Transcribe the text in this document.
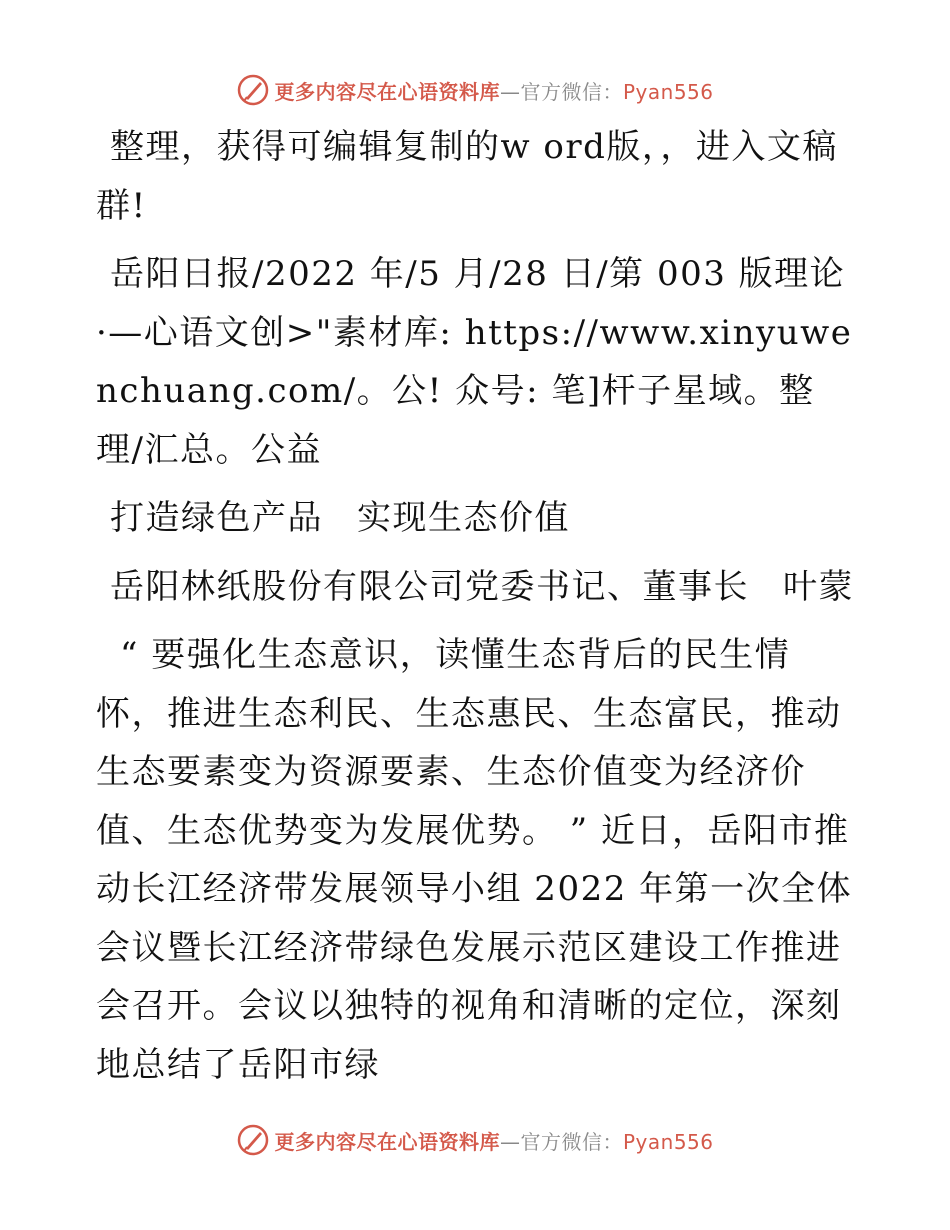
更多内容尽在心语资料库—官方微信：Pyan556

整理，获得可编辑复制的w ord版，，进入文稿群!

岳阳日报/2022 年/5 月/28 日/第 003 版理论·—心语文创>"素材库: https://www.xinyuwenchuang.com/。公! 众号: 笔]杆子星域。整理/汇总。公益

打造绿色产品 实现生态价值

岳阳林纸股份有限公司党委书记、董事长 叶蒙

“ 要强化生态意识，读懂生态背后的民生情怀，推进生态利民、生态惠民、生态富民，推动生态要素变为资源要素、生态价值变为经济价值、生态优势变为发展优势。 ” 近日，岳阳市推动长江经济带发展领导小组 2022 年第一次全体会议暨长江经济带绿色发展示范区建设工作推进会召开。会议以独特的视角和清晰的定位，深刻地总结了岳阳市绿

更多内容尽在心语资料库—官方微信：Pyan556
